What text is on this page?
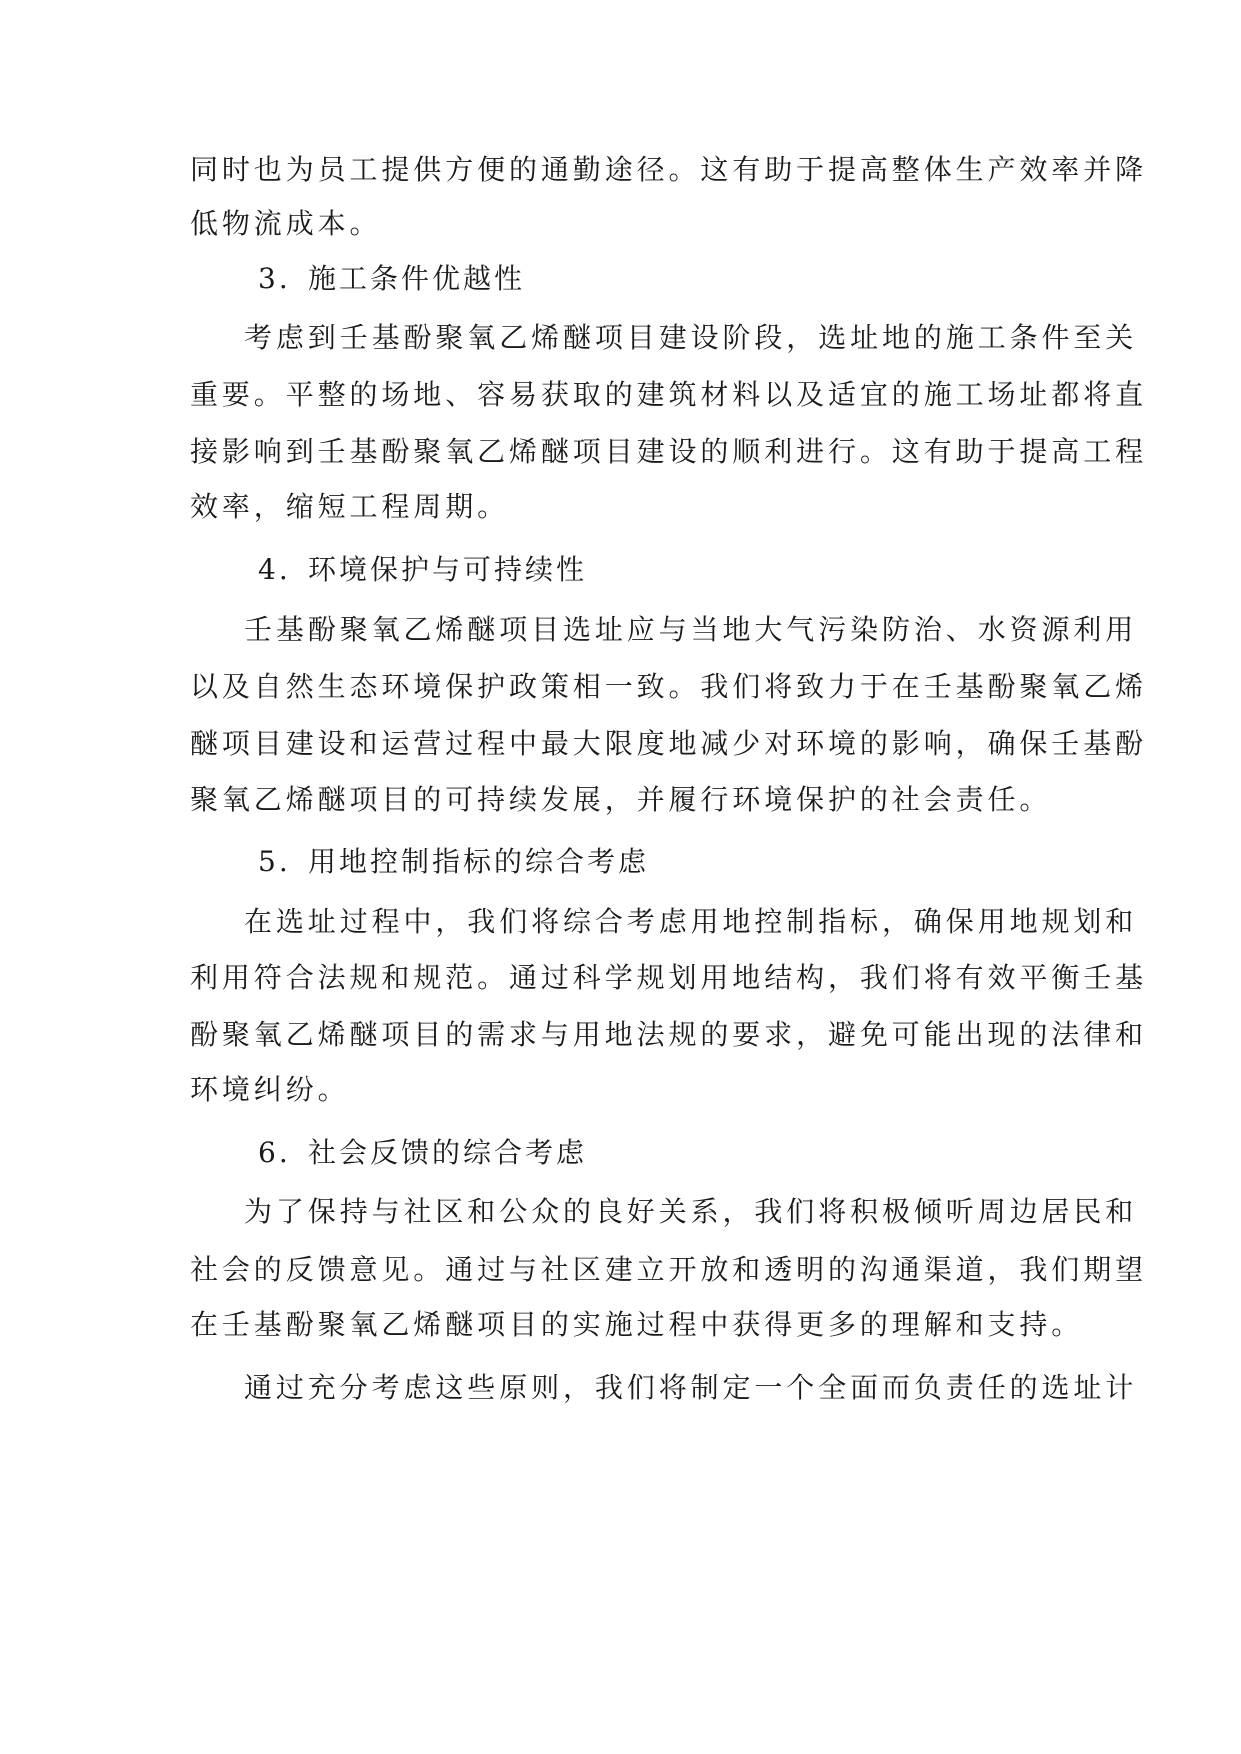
同时也为员工提供方便的通勤途径。这有助于提高整体生产效率并降
低物流成本。
3. 施工条件优越性
考虑到壬基酚聚氧乙烯醚项目建设阶段，选址地的施工条件至关
重要。平整的场地、容易获取的建筑材料以及适宜的施工场址都将直
接影响到壬基酚聚氧乙烯醚项目建设的顺利进行。这有助于提高工程
效率，缩短工程周期。
4. 环境保护与可持续性
壬基酚聚氧乙烯醚项目选址应与当地大气污染防治、水资源利用
以及自然生态环境保护政策相一致。我们将致力于在壬基酚聚氧乙烯
醚项目建设和运营过程中最大限度地减少对环境的影响，确保壬基酚
聚氧乙烯醚项目的可持续发展，并履行环境保护的社会责任。
5. 用地控制指标的综合考虑
在选址过程中，我们将综合考虑用地控制指标，确保用地规划和
利用符合法规和规范。通过科学规划用地结构，我们将有效平衡壬基
酚聚氧乙烯醚项目的需求与用地法规的要求，避免可能出现的法律和
环境纠纷。
6. 社会反馈的综合考虑
为了保持与社区和公众的良好关系，我们将积极倾听周边居民和
社会的反馈意见。通过与社区建立开放和透明的沟通渠道，我们期望
在壬基酚聚氧乙烯醚项目的实施过程中获得更多的理解和支持。
通过充分考虑这些原则，我们将制定一个全面而负责任的选址计
